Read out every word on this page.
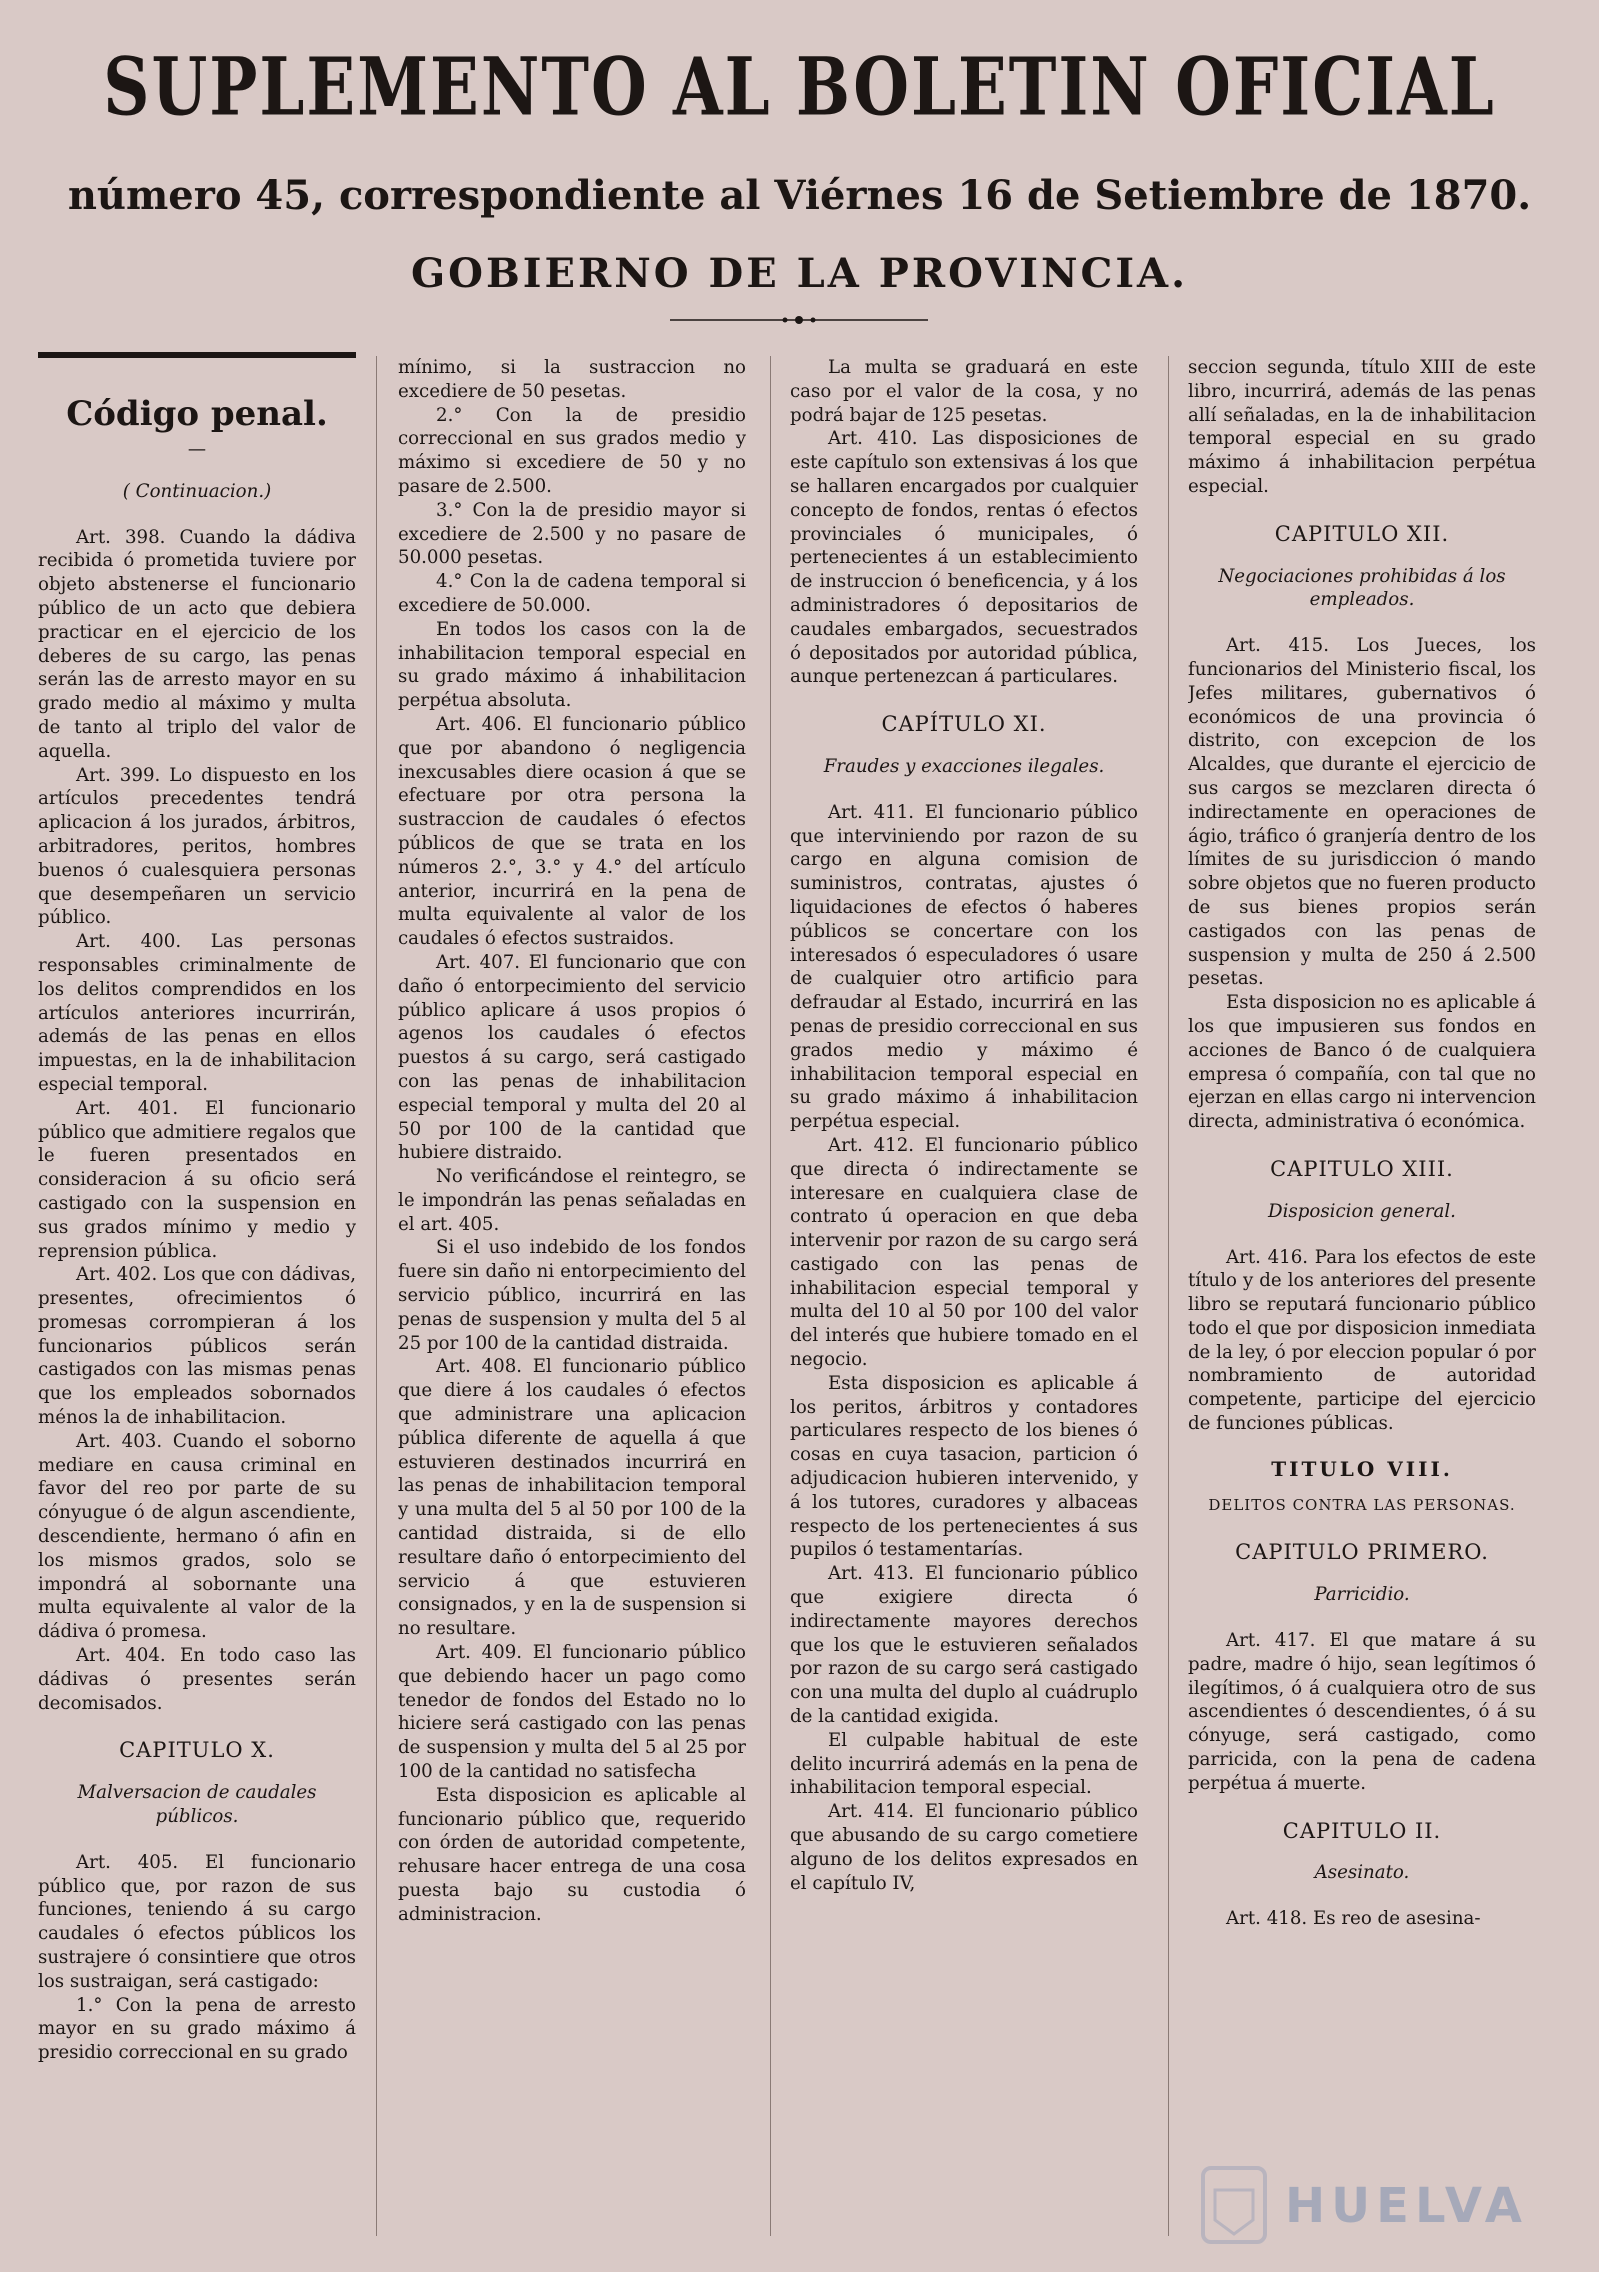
SUPLEMENTO AL BOLETIN OFICIAL
número 45, correspondiente al Viérnes 16 de Setiembre de 1870.
GOBIERNO DE LA PROVINCIA.

Código penal.

—

( Continuacion.)

Art. 398. Cuando la dádiva recibida ó prometida tuviere por objeto abstenerse el funcionario público de un acto que debiera practicar en el ejercicio de los deberes de su cargo, las penas serán las de arresto mayor en su grado medio al máximo y multa de tanto al triplo del valor de aquella.

Art. 399. Lo dispuesto en los artículos precedentes tendrá aplicacion á los jurados, árbitros, arbitradores, peritos, hombres buenos ó cualesquiera personas que desempeñaren un servicio público.

Art. 400. Las personas responsables criminalmente de los delitos comprendidos en los artículos anteriores incurrirán, además de las penas en ellos impuestas, en la de inhabilitacion especial temporal.

Art. 401. El funcionario público que admitiere regalos que le fueren presentados en consideracion á su oficio será castigado con la suspension en sus grados mínimo y medio y reprension pública.

Art. 402. Los que con dádivas, presentes, ofrecimientos ó promesas corrompieran á los funcionarios públicos serán castigados con las mismas penas que los empleados sobornados ménos la de inhabilitacion.

Art. 403. Cuando el soborno mediare en causa criminal en favor del reo por parte de su cónyugue ó de algun ascendiente, descendiente, hermano ó afin en los mismos grados, solo se impondrá al sobornante una multa equivalente al valor de la dádiva ó promesa.

Art. 404. En todo caso las dádivas ó presentes serán decomisados.

CAPITULO X.

Malversacion de caudales públicos.

Art. 405. El funcionario público que, por razon de sus funciones, teniendo á su cargo caudales ó efectos públicos los sustrajere ó consintiere que otros los sustraigan, será castigado:

1.° Con la pena de arresto mayor en su grado máximo á presidio correccional en su grado

mínimo, si la sustraccion no excediere de 50 pesetas.

2.° Con la de presidio correccional en sus grados medio y máximo si excediere de 50 y no pasare de 2.500.

3.° Con la de presidio mayor si excediere de 2.500 y no pasare de 50.000 pesetas.

4.° Con la de cadena temporal si excediere de 50.000.

En todos los casos con la de inhabilitacion temporal especial en su grado máximo á inhabilitacion perpétua absoluta.

Art. 406. El funcionario público que por abandono ó negligencia inexcusables diere ocasion á que se efectuare por otra persona la sustraccion de caudales ó efectos públicos de que se trata en los números 2.°, 3.° y 4.° del artículo anterior, incurrirá en la pena de multa equivalente al valor de los caudales ó efectos sustraidos.

Art. 407. El funcionario que con daño ó entorpecimiento del servicio público aplicare á usos propios ó agenos los caudales ó efectos puestos á su cargo, será castigado con las penas de inhabilitacion especial temporal y multa del 20 al 50 por 100 de la cantidad que hubiere distraido.

No verificándose el reintegro, se le impondrán las penas señaladas en el art. 405.

Si el uso indebido de los fondos fuere sin daño ni entorpecimiento del servicio público, incurrirá en las penas de suspension y multa del 5 al 25 por 100 de la cantidad distraida.

Art. 408. El funcionario público que diere á los caudales ó efectos que administrare una aplicacion pública diferente de aquella á que estuvieren destinados incurrirá en las penas de inhabilitacion temporal y una multa del 5 al 50 por 100 de la cantidad distraida, si de ello resultare daño ó entorpecimiento del servicio á que estuvieren consignados, y en la de suspension si no resultare.

Art. 409. El funcionario público que debiendo hacer un pago como tenedor de fondos del Estado no lo hiciere será castigado con las penas de suspension y multa del 5 al 25 por 100 de la cantidad no satisfecha

Esta disposicion es aplicable al funcionario público que, requerido con órden de autoridad competente, rehusare hacer entrega de una cosa puesta bajo su custodia ó administracion.

La multa se graduará en este caso por el valor de la cosa, y no podrá bajar de 125 pesetas.

Art. 410. Las disposiciones de este capítulo son extensivas á los que se hallaren encargados por cualquier concepto de fondos, rentas ó efectos provinciales ó municipales, ó pertenecientes á un establecimiento de instruccion ó beneficencia, y á los administradores ó depositarios de caudales embargados, secuestrados ó depositados por autoridad pública, aunque pertenezcan á particulares.

CAPÍTULO XI.

Fraudes y exacciones ilegales.

Art. 411. El funcionario público que interviniendo por razon de su cargo en alguna comision de suministros, contratas, ajustes ó liquidaciones de efectos ó haberes públicos se concertare con los interesados ó especuladores ó usare de cualquier otro artificio para defraudar al Estado, incurrirá en las penas de presidio correccional en sus grados medio y máximo é inhabilitacion temporal especial en su grado máximo á inhabilitacion perpétua especial.

Art. 412. El funcionario público que directa ó indirectamente se interesare en cualquiera clase de contrato ú operacion en que deba intervenir por razon de su cargo será castigado con las penas de inhabilitacion especial temporal y multa del 10 al 50 por 100 del valor del interés que hubiere tomado en el negocio.

Esta disposicion es aplicable á los peritos, árbitros y contadores particulares respecto de los bienes ó cosas en cuya tasacion, particion ó adjudicacion hubieren intervenido, y á los tutores, curadores y albaceas respecto de los pertenecientes á sus pupilos ó testamentarías.

Art. 413. El funcionario público que exigiere directa ó indirectamente mayores derechos que los que le estuvieren señalados por razon de su cargo será castigado con una multa del duplo al cuádruplo de la cantidad exigida.

El culpable habitual de este delito incurrirá además en la pena de inhabilitacion temporal especial.

Art. 414. El funcionario público que abusando de su cargo cometiere alguno de los delitos expresados en el capítulo IV,

seccion segunda, título XIII de este libro, incurrirá, además de las penas allí señaladas, en la de inhabilitacion temporal especial en su grado máximo á inhabilitacion perpétua especial.

CAPITULO XII.

Negociaciones prohibidas á los empleados.

Art. 415. Los Jueces, los funcionarios del Ministerio fiscal, los Jefes militares, gubernativos ó económicos de una provincia ó distrito, con excepcion de los Alcaldes, que durante el ejercicio de sus cargos se mezclaren directa ó indirectamente en operaciones de ágio, tráfico ó granjería dentro de los límites de su jurisdiccion ó mando sobre objetos que no fueren producto de sus bienes propios serán castigados con las penas de suspension y multa de 250 á 2.500 pesetas.

Esta disposicion no es aplicable á los que impusieren sus fondos en acciones de Banco ó de cualquiera empresa ó compañía, con tal que no ejerzan en ellas cargo ni intervencion directa, administrativa ó económica.

CAPITULO XIII.

Disposicion general.

Art. 416. Para los efectos de este título y de los anteriores del presente libro se reputará funcionario público todo el que por disposicion inmediata de la ley, ó por eleccion popular ó por nombramiento de autoridad competente, participe del ejercicio de funciones públicas.

TITULO VIII.

DELITOS CONTRA LAS PERSONAS.

CAPITULO PRIMERO.

Parricidio.

Art. 417. El que matare á su padre, madre ó hijo, sean legítimos ó ilegítimos, ó á cualquiera otro de sus ascendientes ó descendientes, ó á su cónyuge, será castigado, como parricida, con la pena de cadena perpétua á muerte.

CAPITULO II.

Asesinato.

Art. 418. Es reo de asesina-

HUELVA
